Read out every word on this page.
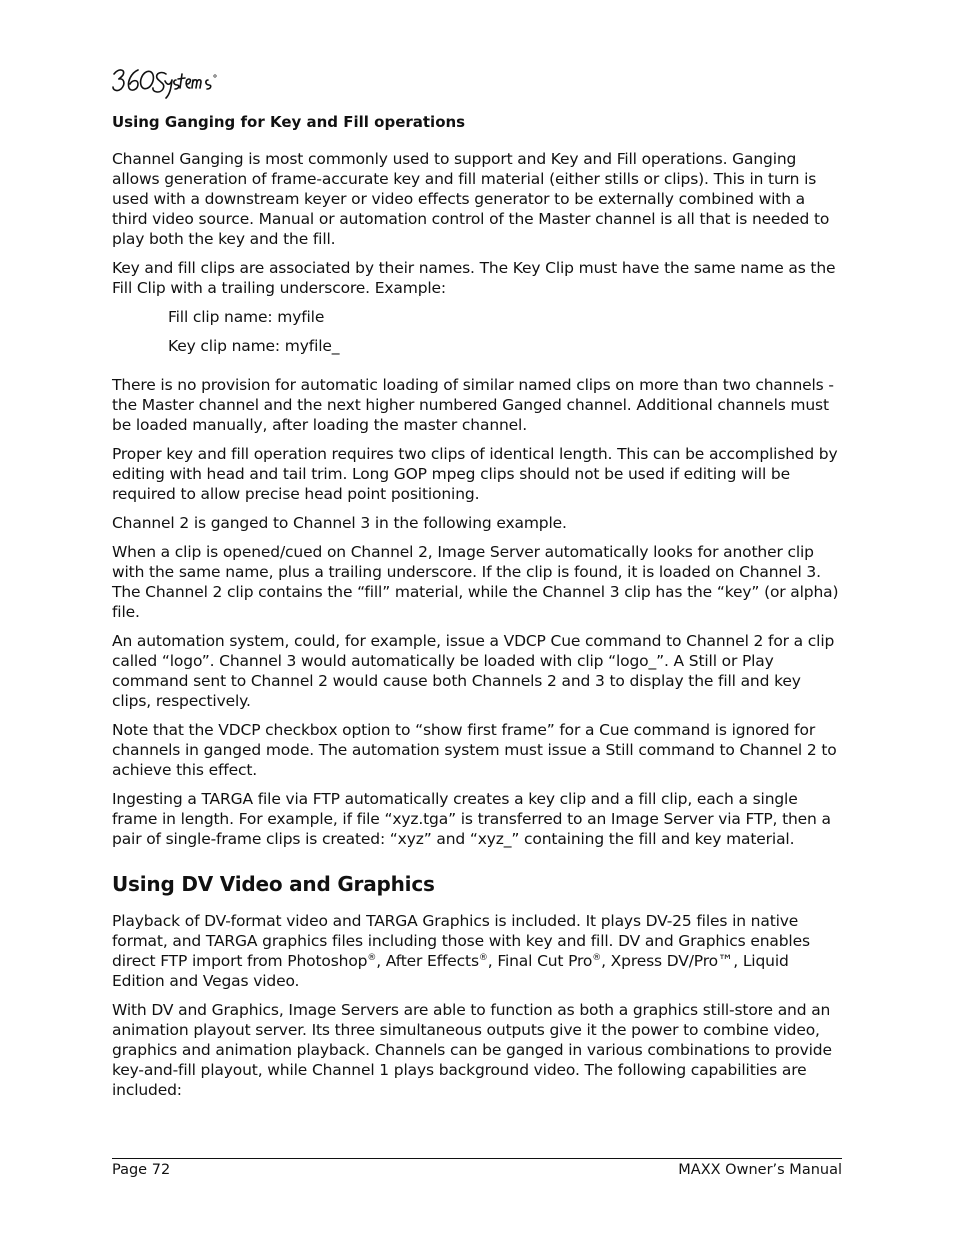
Using Ganging for Key and Fill operations

Channel Ganging is most commonly used to support and Key and Fill operations. Ganging allows generation of frame-accurate key and fill material (either stills or clips). This in turn is used with a downstream keyer or video effects generator to be externally combined with a third video source. Manual or automation control of the Master channel is all that is needed to play both the key and the fill.

Key and fill clips are associated by their names. The Key Clip must have the same name as the Fill Clip with a trailing underscore. Example:

Fill clip name: myfile

Key clip name: myfile_

There is no provision for automatic loading of similar named clips on more than two channels - the Master channel and the next higher numbered Ganged channel. Additional channels must be loaded manually, after loading the master channel.

Proper key and fill operation requires two clips of identical length. This can be accomplished by editing with head and tail trim. Long GOP mpeg clips should not be used if editing will be required to allow precise head point positioning.

Channel 2 is ganged to Channel 3 in the following example.

When a clip is opened/cued on Channel 2, Image Server automatically looks for another clip with the same name, plus a trailing underscore. If the clip is found, it is loaded on Channel 3. The Channel 2 clip contains the “fill” material, while the Channel 3 clip has the “key” (or alpha) file.

An automation system, could, for example, issue a VDCP Cue command to Channel 2 for a clip called “logo”. Channel 3 would automatically be loaded with clip “logo_”. A Still or Play command sent to Channel 2 would cause both Channels 2 and 3 to display the fill and key clips, respectively.

Note that the VDCP checkbox option to “show first frame” for a Cue command is ignored for channels in ganged mode. The automation system must issue a Still command to Channel 2 to achieve this effect.

Ingesting a TARGA file via FTP automatically creates a key clip and a fill clip, each a single frame in length. For example, if file “xyz.tga” is transferred to an Image Server via FTP, then a pair of single-frame clips is created: “xyz” and “xyz_” containing the fill and key material.

Using DV Video and Graphics

Playback of DV-format video and TARGA Graphics is included. It plays DV-25 files in native format, and TARGA graphics files including those with key and fill. DV and Graphics enables direct FTP import from Photoshop®, After Effects®, Final Cut Pro®, Xpress DV/Pro™, Liquid Edition and Vegas video.

With DV and Graphics, Image Servers are able to function as both a graphics still-store and an animation playout server. Its three simultaneous outputs give it the power to combine video, graphics and animation playback. Channels can be ganged in various combinations to provide key-and-fill playout, while Channel 1 plays background video. The following capabilities are included:

Page 72	MAXX Owner’s Manual
